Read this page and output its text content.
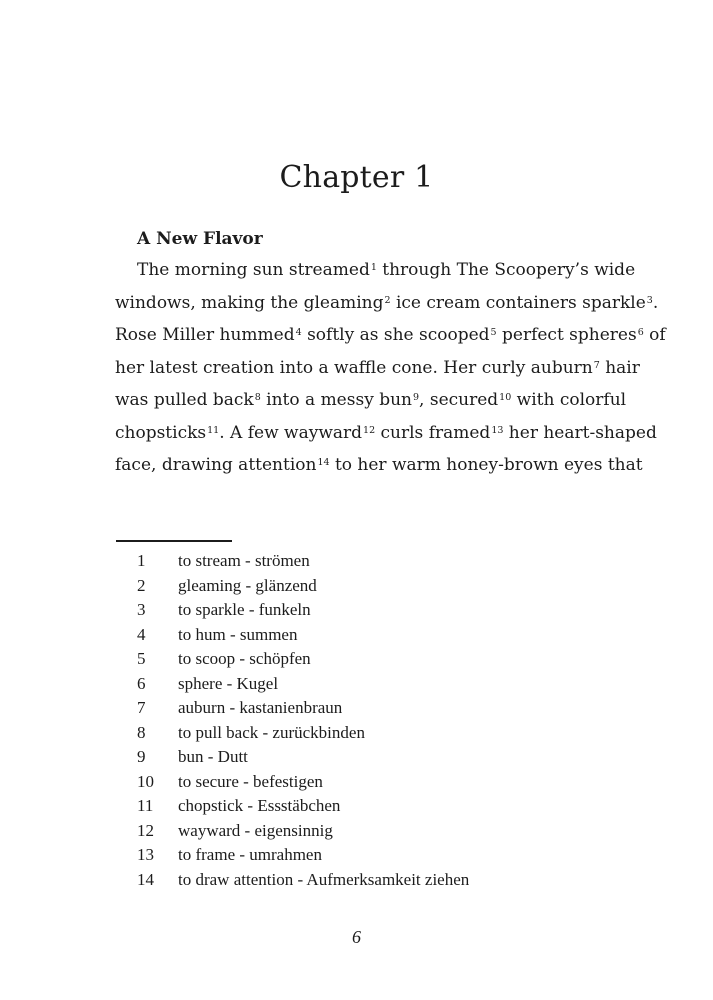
Chapter 1
A New Flavor

The morning sun streamed$^1$ through The Scoopery’s wide
windows, making the gleaming$^2$ ice cream containers sparkle$^3$.
Rose Miller hummed$^4$ softly as she scooped$^5$ perfect spheres$^6$ of
her latest creation into a waffle cone. Her curly auburn$^7$ hair
was pulled back$^8$ into a messy bun$^9$, secured$^{10}$ with colorful
chopsticks$^{11}$. A few wayward$^{12}$ curls framed$^{13}$ her heart-shaped
face, drawing attention$^{14}$ to her warm honey-brown eyes that

1	to stream - strömen
2	gleaming - glänzend
3	to sparkle - funkeln
4	to hum - summen
5	to scoop - schöpfen
6	sphere - Kugel
7	auburn - kastanienbraun
8	to pull back - zurückbinden
9	bun - Dutt
10	to secure - befestigen
11	chopstick - Essstäbchen
12	wayward - eigensinnig
13	to frame - umrahmen
14	to draw attention - Aufmerksamkeit ziehen
6
